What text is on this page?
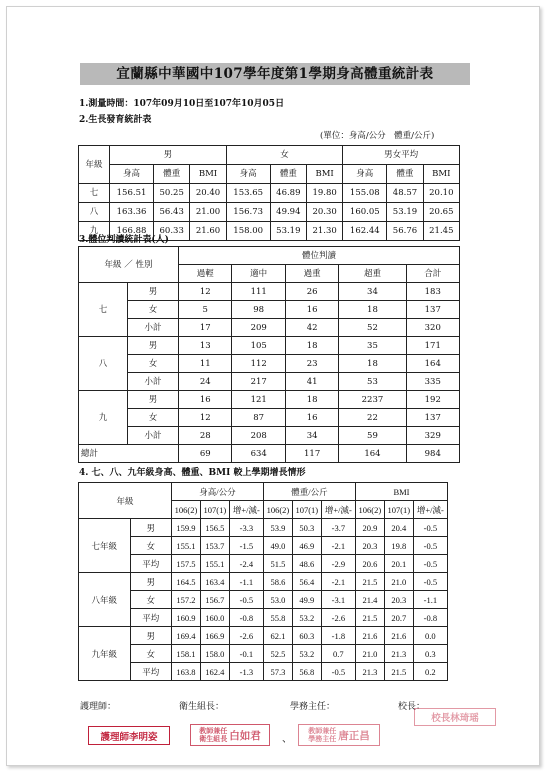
宜蘭縣中華國中107學年度第1學期身高體重統計表
1.測量時間：107年09月10日至107年10月05日
2.生長發育統計表
(單位：身高/公分　體重/公斤)
年級	男			女			男女平均		
	身高	體重	BMI	身高	體重	BMI	身高	體重	BMI
七	156.51	50.25	20.40	153.65	46.89	19.80	155.08	48.57	20.10
八	163.36	56.43	21.00	156.73	49.94	20.30	160.05	53.19	20.65
九	166.88	60.33	21.60	158.00	53.19	21.30	162.44	56.76	21.45
3.體位判讀統計表(人)
年級 ／ 性別		體位判讀				
		過輕	適中	過重	超重	合計
七	男	12	111	26	34	183
	女	5	98	16	18	137
	小計	17	209	42	52	320
八	男	13	105	18	35	171
	女	11	112	23	18	164
	小計	24	217	41	53	335
九	男	16	121	18	2237	192
	女	12	87	16	22	137
	小計	28	208	34	59	329
總計		69	634	117	164	984
4. 七、八、九年級身高、體重、BMI 較上學期增長情形
年級		身高/公分			體重/公斤			BMI		
		106(2)	107(1)	增+/減-	106(2)	107(1)	增+/減-	106(2)	107(1)	增+/減-
七年級	男	159.9	156.5	-3.3	53.9	50.3	-3.7	20.9	20.4	-0.5
	女	155.1	153.7	-1.5	49.0	46.9	-2.1	20.3	19.8	-0.5
	平均	157.5	155.1	-2.4	51.5	48.6	-2.9	20.6	20.1	-0.5
八年級	男	164.5	163.4	-1.1	58.6	56.4	-2.1	21.5	21.0	-0.5
	女	157.2	156.7	-0.5	53.0	49.9	-3.1	21.4	20.3	-1.1
	平均	160.9	160.0	-0.8	55.8	53.2	-2.6	21.5	20.7	-0.8
九年級	男	169.4	166.9	-2.6	62.1	60.3	-1.8	21.6	21.6	0.0
	女	158.1	158.0	-0.1	52.5	53.2	0.7	21.0	21.3	0.3
	平均	163.8	162.4	-1.3	57.3	56.8	-0.5	21.3	21.5	0.2
護理師：	衛生組長：	學務主任：	校長：
校長林琦瑶
護理師李明姿
教師兼任
衛生組長 白如君 、
教師兼任
學務主任 唐正昌
